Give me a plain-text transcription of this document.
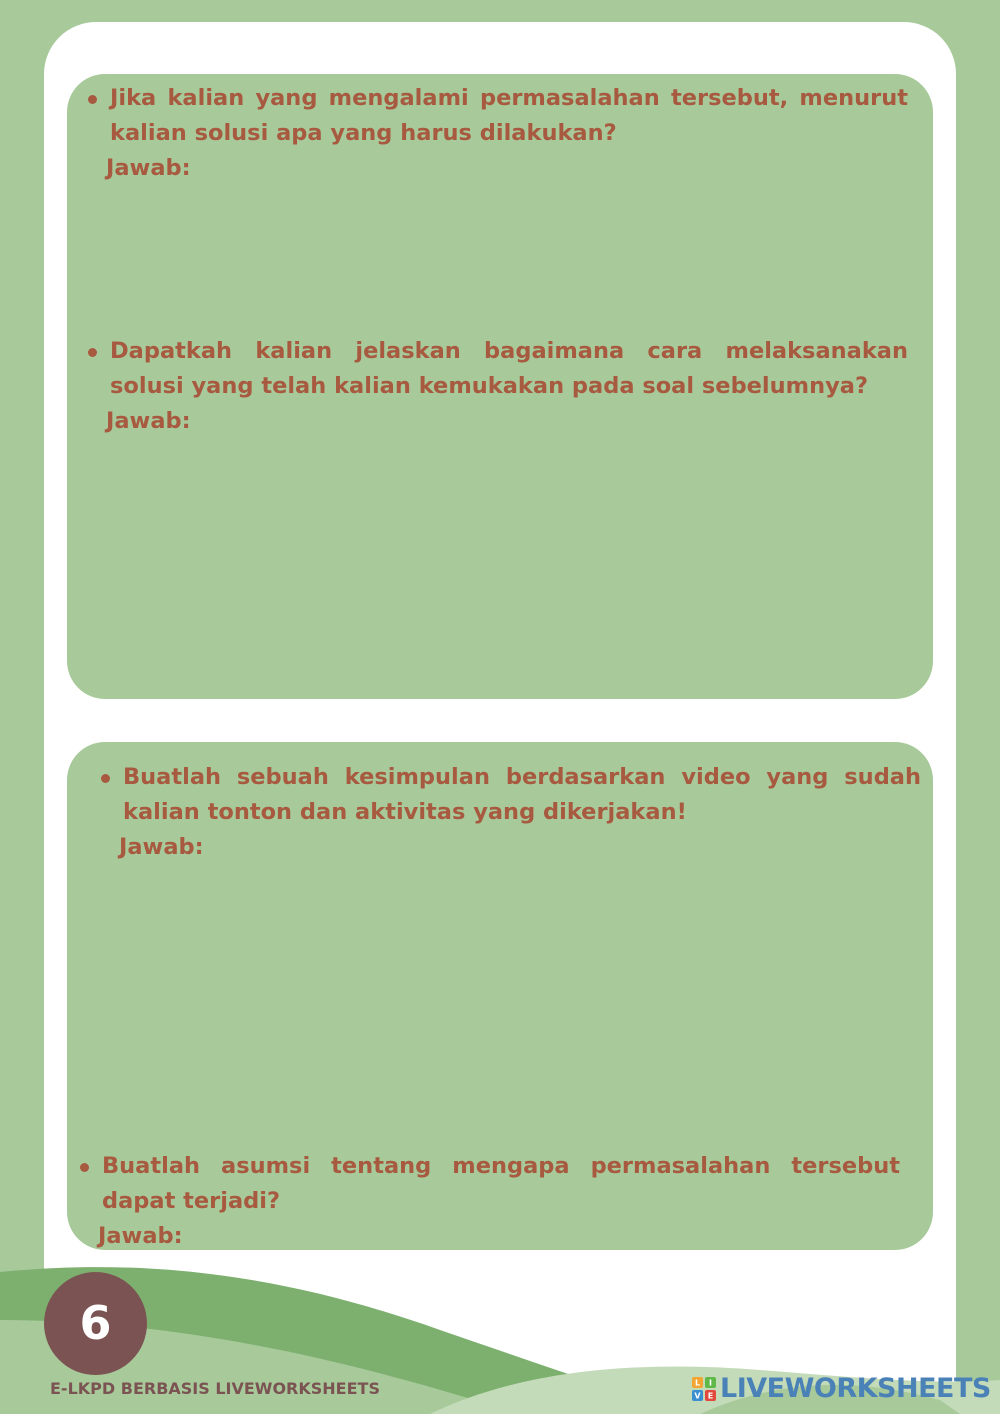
Jika kalian yang mengalami permasalahan tersebut, menurut kalian solusi apa yang harus dilakukan?
Jawab:
Dapatkah kalian jelaskan bagaimana cara melaksanakan solusi yang telah kalian kemukakan pada soal sebelumnya?
Jawab:
Buatlah sebuah kesimpulan berdasarkan video yang sudah kalian tonton dan aktivitas yang dikerjakan!
Jawab:
Buatlah asumsi tentang mengapa permasalahan tersebut dapat terjadi?
Jawab:
6
E-LKPD BERBASIS LIVEWORKSHEETS	L I
V E LIVEWORKSHEETS
